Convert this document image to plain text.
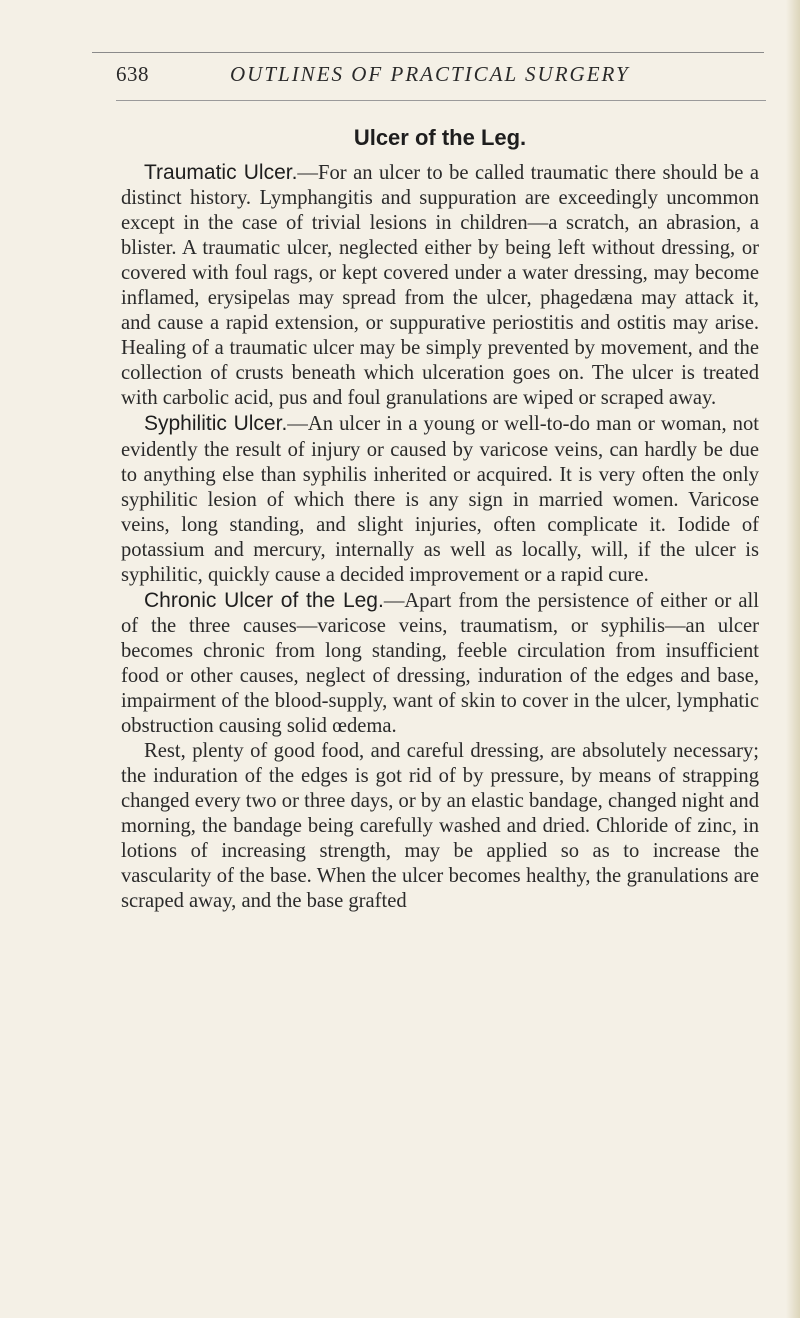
638	OUTLINES OF PRACTICAL SURGERY
Ulcer of the Leg.

Traumatic Ulcer.—For an ulcer to be called traumatic there should be a distinct history. Lymphangitis and suppuration are exceedingly uncommon except in the case of trivial lesions in children—a scratch, an abrasion, a blister. A traumatic ulcer, neglected either by being left without dressing, or covered with foul rags, or kept covered under a water dressing, may become inflamed, erysipelas may spread from the ulcer, phagedæna may attack it, and cause a rapid extension, or suppurative periostitis and ostitis may arise. Healing of a traumatic ulcer may be simply prevented by movement, and the collection of crusts beneath which ulceration goes on. The ulcer is treated with carbolic acid, pus and foul granulations are wiped or scraped away.

Syphilitic Ulcer.—An ulcer in a young or well-to-do man or woman, not evidently the result of injury or caused by varicose veins, can hardly be due to anything else than syphilis inherited or acquired. It is very often the only syphilitic lesion of which there is any sign in married women. Varicose veins, long standing, and slight injuries, often complicate it. Iodide of potassium and mercury, internally as well as locally, will, if the ulcer is syphilitic, quickly cause a decided improvement or a rapid cure.

Chronic Ulcer of the Leg.—Apart from the persistence of either or all of the three causes—varicose veins, traumatism, or syphilis—an ulcer becomes chronic from long standing, feeble circulation from insufficient food or other causes, neglect of dressing, induration of the edges and base, impairment of the blood-supply, want of skin to cover in the ulcer, lymphatic obstruction causing solid œdema.

Rest, plenty of good food, and careful dressing, are absolutely necessary; the induration of the edges is got rid of by pressure, by means of strapping changed every two or three days, or by an elastic bandage, changed night and morning, the bandage being carefully washed and dried. Chloride of zinc, in lotions of increasing strength, may be applied so as to increase the vascularity of the base. When the ulcer becomes healthy, the granulations are scraped away, and the base grafted
